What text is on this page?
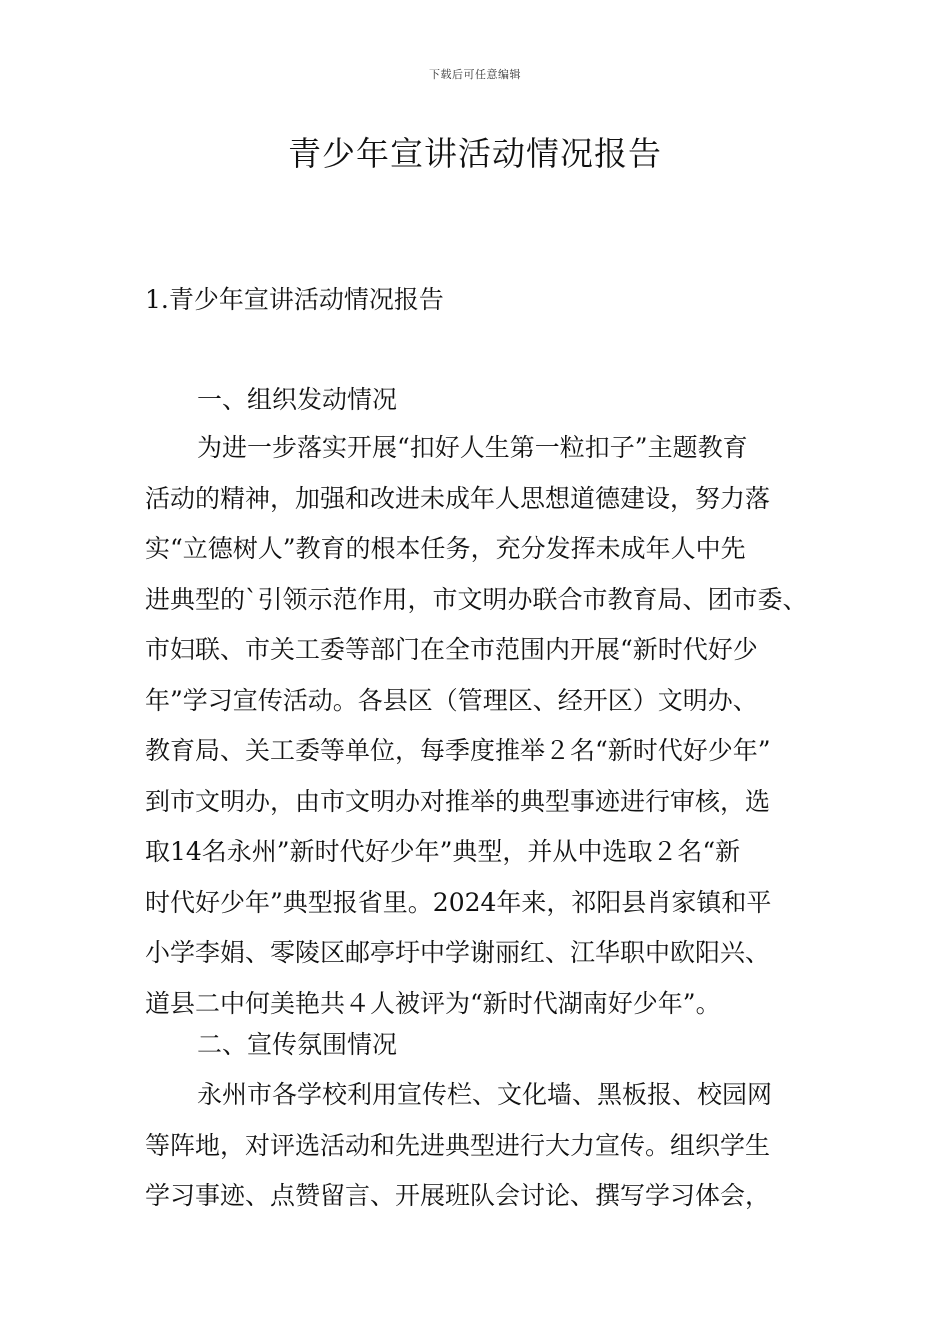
下载后可任意编辑
青少年宣讲活动情况报告

1.青少年宣讲活动情况报告

一、组织发动情况

为进一步落实开展“扣好人生第一粒扣子”主题教育
活动的精神，加强和改进未成年人思想道德建设，努力落
实“立德树人”教育的根本任务，充分发挥未成年人中先
进典型的`引领示范作用，市文明办联合市教育局、团市委、
市妇联、市关工委等部门在全市范围内开展“新时代好少
年”学习宣传活动。各县区（管理区、经开区）文明办、
教育局、关工委等单位，每季度推举２名“新时代好少年”
到市文明办，由市文明办对推举的典型事迹进行审核，选
取14名永州”新时代好少年”典型，并从中选取２名“新
时代好少年”典型报省里。2024年来，祁阳县肖家镇和平
小学李娟、零陵区邮亭圩中学谢丽红、江华职中欧阳兴、
道县二中何美艳共４人被评为“新时代湖南好少年”。

二、宣传氛围情况

永州市各学校利用宣传栏、文化墙、黑板报、校园网
等阵地，对评选活动和先进典型进行大力宣传。组织学生
学习事迹、点赞留言、开展班队会讨论、撰写学习体会，
